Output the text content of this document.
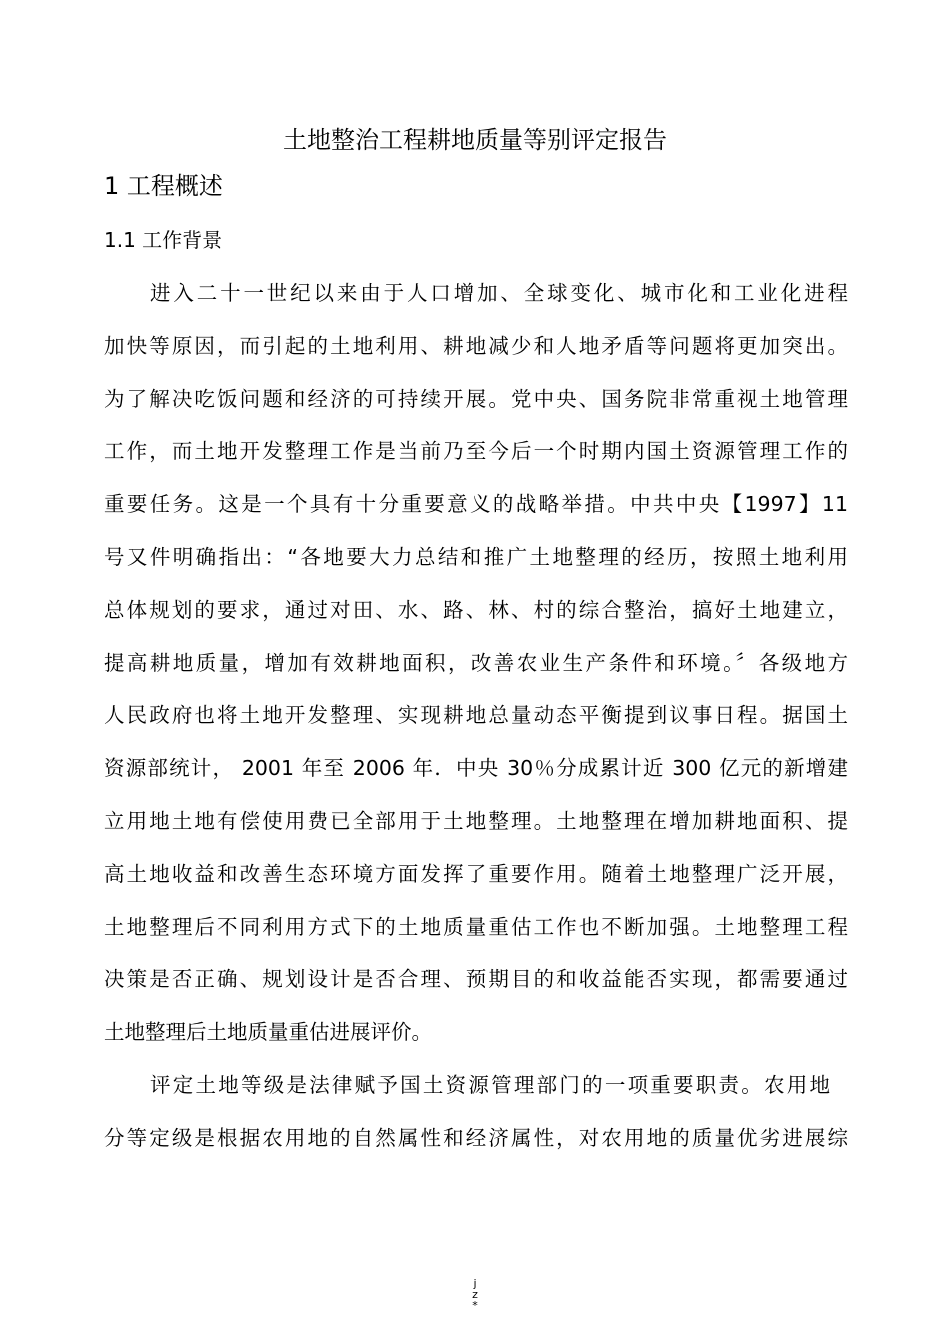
土地整治工程耕地质量等别评定报告
1 工程概述
1.1 工作背景
进入二十一世纪以来由于人口增加、全球变化、城市化和工业化进程
加快等原因，而引起的土地利用、耕地减少和人地矛盾等问题将更加突出。
为了解决吃饭问题和经济的可持续开展。党中央、国务院非常重视土地管理
工作，而土地开发整理工作是当前乃至今后一个时期内国土资源管理工作的
重要任务。这是一个具有十分重要意义的战略举措。中共中央【1997】11
号又件明确指出：“各地要大力总结和推广土地整理的经历，按照土地利用
总体规划的要求，通过对田、水、路、林、村的综合整治，搞好土地建立，
提高耕地质量，增加有效耕地面积，改善农业生产条件和环境。〞各级地方
人民政府也将土地开发整理、实现耕地总量动态平衡提到议事日程。据国土
资源部统计， 2001 年至 2006 年．中央 30％分成累计近 300 亿元的新增建
立用地土地有偿使用费已全部用于土地整理。土地整理在增加耕地面积、提
高土地收益和改善生态环境方面发挥了重要作用。随着土地整理广泛开展，
土地整理后不同利用方式下的土地质量重估工作也不断加强。土地整理工程
决策是否正确、规划设计是否合理、预期目的和收益能否实现，都需要通过
土地整理后土地质量重估进展评价。
评定土地等级是法律赋予国土资源管理部门的一项重要职责。农用地
分等定级是根据农用地的自然属性和经济属性，对农用地的质量优劣进展综
j
z
*
